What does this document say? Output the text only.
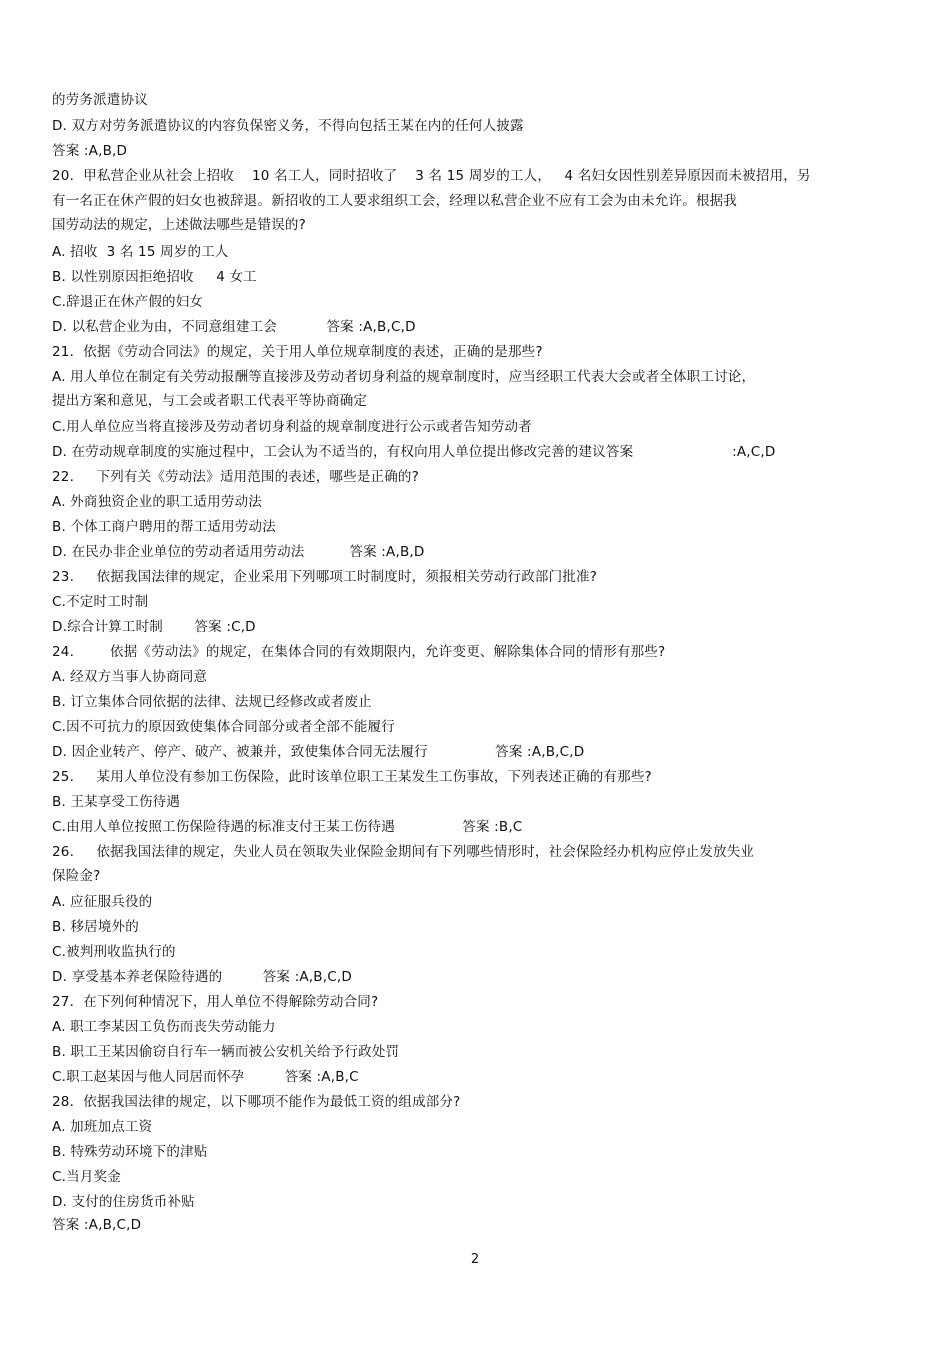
的劳务派遣协议
D. 双方对劳务派遣协议的内容负保密义务，不得向包括王某在内的任何人披露
答案 :A,B,D
20．甲私营企业从社会上招收    10 名工人，同时招收了    3 名 15 周岁的工人，   4 名妇女因性别差异原因而未被招用，另
有一名正在休产假的妇女也被辞退。新招收的工人要求组织工会，经理以私营企业不应有工会为由未允许。根据我
国劳动法的规定，上述做法哪些是错误的?
A. 招收  3 名 15 周岁的工人
B. 以性别原因拒绝招收     4 女工
C.辞退正在休产假的妇女
D. 以私营企业为由，不同意组建工会           答案 :A,B,C,D
21．依据《劳动合同法》的规定，关于用人单位规章制度的表述，正确的是那些?
A. 用人单位在制定有关劳动报酬等直接涉及劳动者切身利益的规章制度时，应当经职工代表大会或者全体职工讨论，
提出方案和意见，与工会或者职工代表平等协商确定
C.用人单位应当将直接涉及劳动者切身利益的规章制度进行公示或者告知劳动者
D. 在劳动规章制度的实施过程中，工会认为不适当的，有权向用人单位提出修改完善的建议答案                      :A,C,D
22.     下列有关《劳动法》适用范围的表述，哪些是正确的?
A. 外商独资企业的职工适用劳动法
B. 个体工商户聘用的帮工适用劳动法
D. 在民办非企业单位的劳动者适用劳动法          答案 :A,B,D
23.     依据我国法律的规定，企业采用下列哪项工时制度时，须报相关劳动行政部门批准?
C.不定时工时制
D.综合计算工时制       答案 :C,D
24.        依据《劳动法》的规定，在集体合同的有效期限内，允许变更、解除集体合同的情形有那些?
A. 经双方当事人协商同意
B. 订立集体合同依据的法律、法规已经修改或者废止
C.因不可抗力的原因致使集体合同部分或者全部不能履行
D. 因企业转产、停产、破产、被兼并，致使集体合同无法履行               答案 :A,B,C,D
25.     某用人单位没有参加工伤保险，此时该单位职工王某发生工伤事故，下列表述正确的有那些?
B. 王某享受工伤待遇
C.由用人单位按照工伤保险待遇的标准支付王某工伤待遇               答案 :B,C
26.     依据我国法律的规定，失业人员在领取失业保险金期间有下列哪些情形时，社会保险经办机构应停止发放失业
保险金?
A. 应征服兵役的
B. 移居境外的
C.被判刑收监执行的
D. 享受基本养老保险待遇的         答案 :A,B,C,D
27．在下列何种情况下，用人单位不得解除劳动合同?
A. 职工李某因工负伤而丧失劳动能力
B. 职工王某因偷窃自行车一辆而被公安机关给予行政处罚
C.职工赵某因与他人同居而怀孕         答案 :A,B,C
28．依据我国法律的规定，以下哪项不能作为最低工资的组成部分?
A. 加班加点工资
B. 特殊劳动环境下的津贴
C.当月奖金
D. 支付的住房货币补贴
答案 :A,B,C,D
2
